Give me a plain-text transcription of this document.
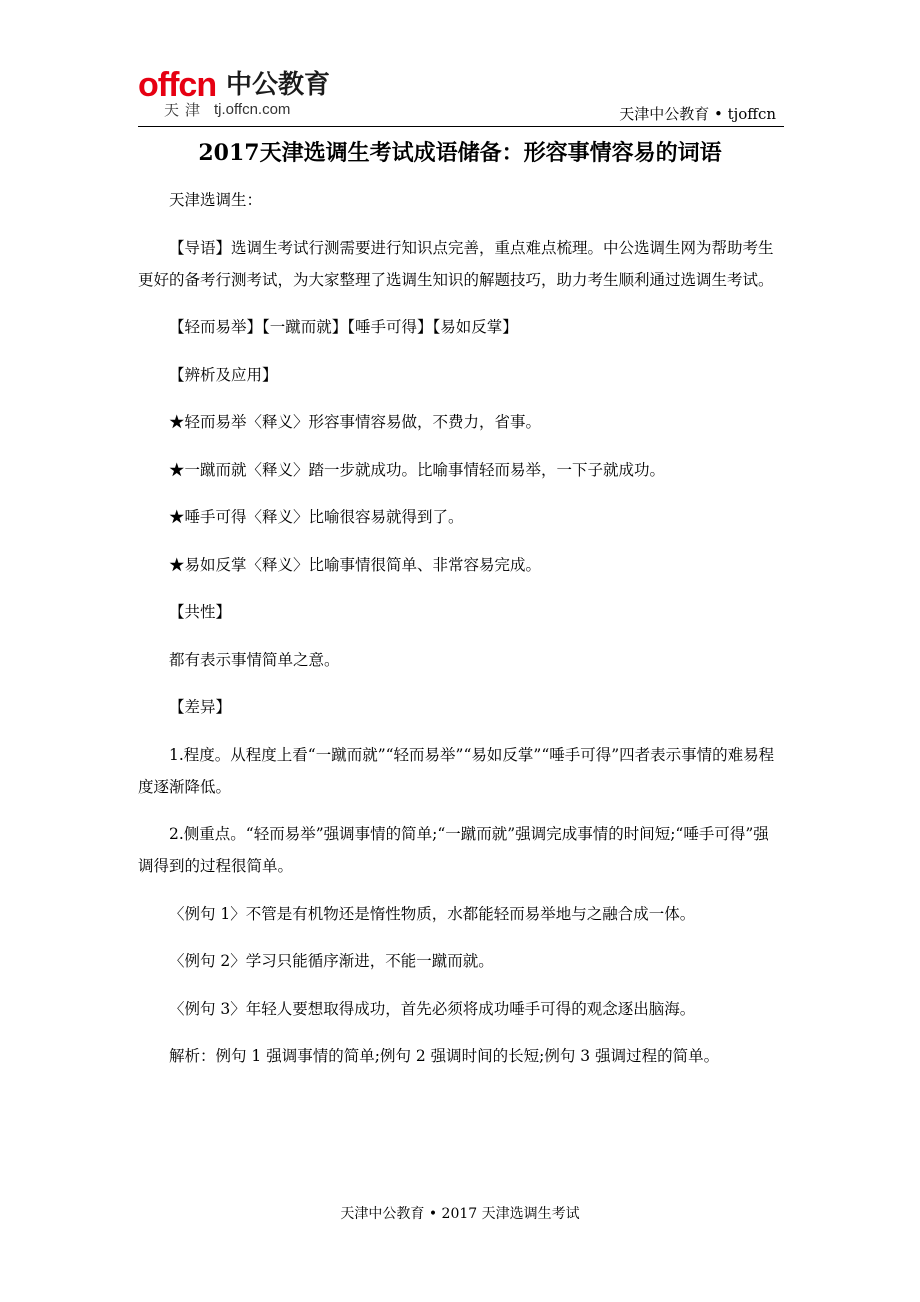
offcn 中公教育
天津 tj.offcn.com	天津中公教育 • tjoffcn
2017天津选调生考试成语储备：形容事情容易的词语

天津选调生：

【导语】选调生考试行测需要进行知识点完善，重点难点梳理。中公选调生网为帮助考生更好的备考行测考试，为大家整理了选调生知识的解题技巧，助力考生顺利通过选调生考试。

【轻而易举】【一蹴而就】【唾手可得】【易如反掌】

【辨析及应用】

★轻而易举〈释义〉形容事情容易做，不费力，省事。

★一蹴而就〈释义〉踏一步就成功。比喻事情轻而易举，一下子就成功。

★唾手可得〈释义〉比喻很容易就得到了。

★易如反掌〈释义〉比喻事情很简单、非常容易完成。

【共性】

都有表示事情简单之意。

【差异】

1.程度。从程度上看“一蹴而就”“轻而易举”“易如反掌”“唾手可得”四者表示事情的难易程度逐渐降低。

2.侧重点。“轻而易举”强调事情的简单;“一蹴而就”强调完成事情的时间短;“唾手可得”强调得到的过程很简单。

〈例句 1〉不管是有机物还是惰性物质，水都能轻而易举地与之融合成一体。

〈例句 2〉学习只能循序渐进，不能一蹴而就。

〈例句 3〉年轻人要想取得成功，首先必须将成功唾手可得的观念逐出脑海。

解析：例句 1 强调事情的简单;例句 2 强调时间的长短;例句 3 强调过程的简单。

天津中公教育 • 2017 天津选调生考试
